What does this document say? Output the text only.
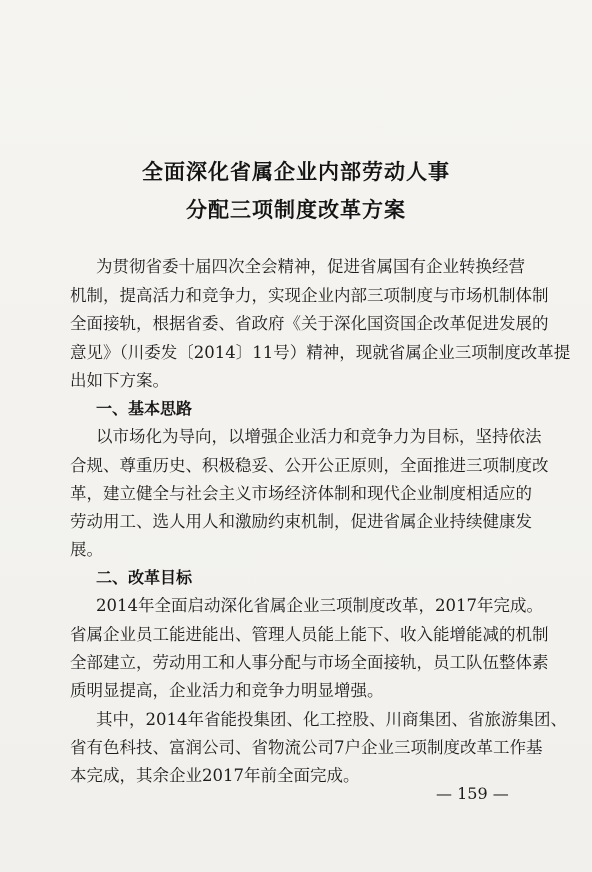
全面深化省属企业内部劳动人事
分配三项制度改革方案
为贯彻省委十届四次全会精神，促进省属国有企业转换经营
机制，提高活力和竞争力，实现企业内部三项制度与市场机制体制
全面接轨，根据省委、省政府《关于深化国资国企改革促进发展的
意见》（川委发〔2014〕11号）精神，现就省属企业三项制度改革提
出如下方案。
一、基本思路
以市场化为导向，以增强企业活力和竞争力为目标，坚持依法
合规、尊重历史、积极稳妥、公开公正原则，全面推进三项制度改
革，建立健全与社会主义市场经济体制和现代企业制度相适应的
劳动用工、选人用人和激励约束机制，促进省属企业持续健康发
展。
二、改革目标
2014年全面启动深化省属企业三项制度改革，2017年完成。
省属企业员工能进能出、管理人员能上能下、收入能增能减的机制
全部建立，劳动用工和人事分配与市场全面接轨，员工队伍整体素
质明显提高，企业活力和竞争力明显增强。
其中，2014年省能投集团、化工控股、川商集团、省旅游集团、
省有色科技、富润公司、省物流公司7户企业三项制度改革工作基
本完成，其余企业2017年前全面完成。
— 159 —
